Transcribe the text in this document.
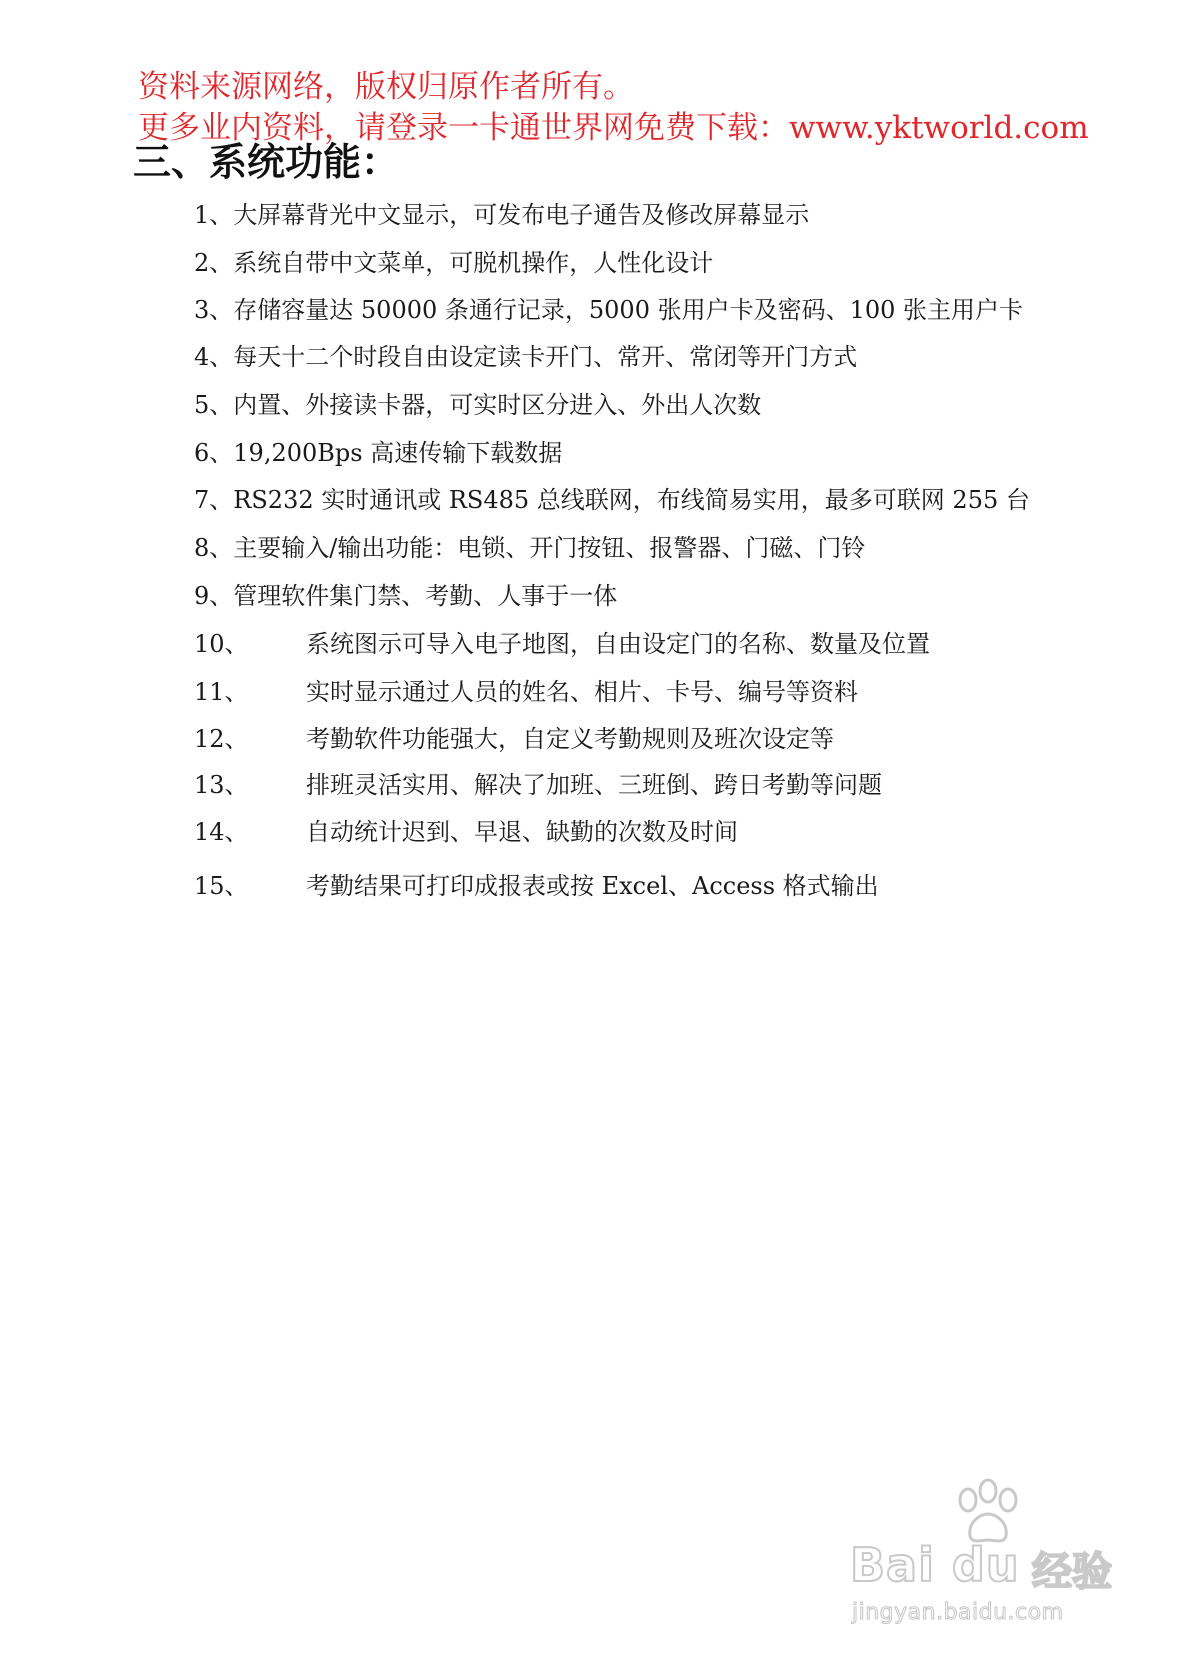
资料来源网络，版权归原作者所有。
更多业内资料，请登录一卡通世界网免费下载：www.yktworld.com
三、系统功能：
1、大屏幕背光中文显示，可发布电子通告及修改屏幕显示
2、系统自带中文菜单，可脱机操作，人性化设计
3、存储容量达 50000 条通行记录，5000 张用户卡及密码、100 张主用户卡
4、每天十二个时段自由设定读卡开门、常开、常闭等开门方式
5、内置、外接读卡器，可实时区分进入、外出人次数
6、19,200Bps 高速传输下载数据
7、RS232 实时通讯或 RS485 总线联网，布线简易实用，最多可联网 255 台
8、主要输入/输出功能：电锁、开门按钮、报警器、门磁、门铃
9、管理软件集门禁、考勤、人事于一体
10、 系统图示可导入电子地图，自由设定门的名称、数量及位置
11、 实时显示通过人员的姓名、相片、卡号、编号等资料
12、 考勤软件功能强大，自定义考勤规则及班次设定等
13、 排班灵活实用、解决了加班、三班倒、跨日考勤等问题
14、 自动统计迟到、早退、缺勤的次数及时间
15、 考勤结果可打印成报表或按 Excel、Access 格式输出
Bai du 经验
jingyan.baidu.com
